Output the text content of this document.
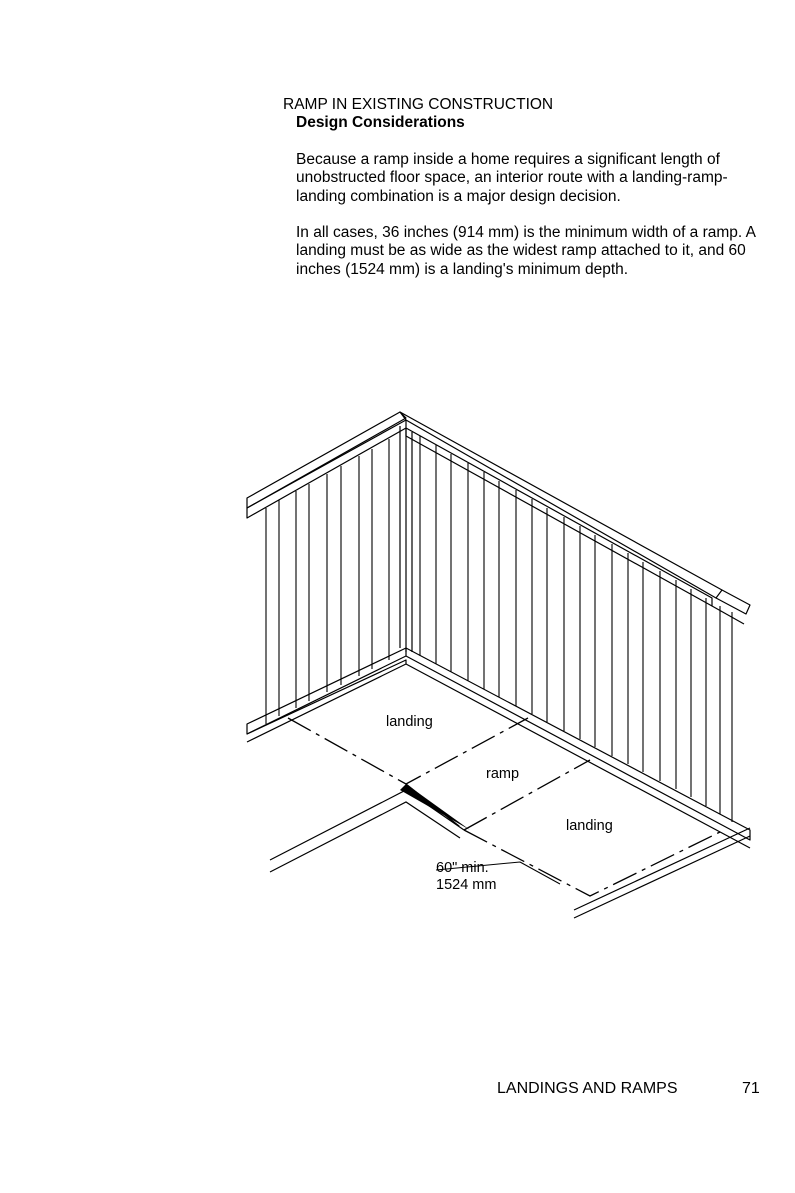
RAMP IN EXISTING CONSTRUCTION
Design Considerations

Because a ramp inside a home requires a significant length of unobstructed floor space, an interior route with a landing-ramp-landing combination is a major design decision.

In all cases, 36 inches (914 mm) is the minimum width of a ramp. A landing must be as wide as the widest ramp attached to it, and 60 inches (1524 mm) is a landing's minimum depth.

landing
ramp
landing
60" min.
1524 mm
LANDINGS AND RAMPS	71
